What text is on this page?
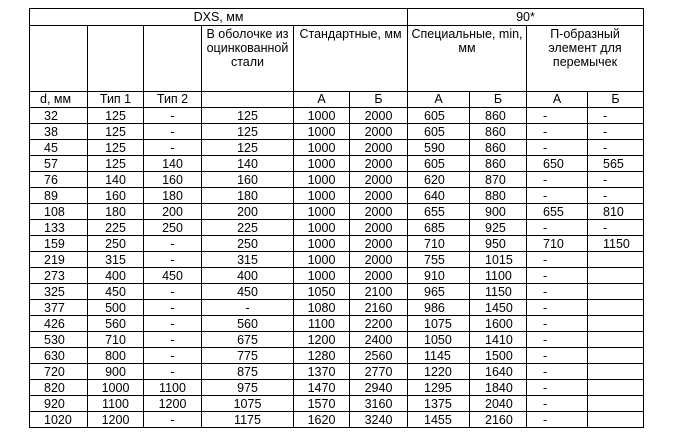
DXS, мм						90*			
			В оболочке из оцинкованной стали	Стандартные, мм		Специальные, min, мм		П-образный элемент для перемычек	
d, мм	Тип 1	Тип 2		А	Б	А	Б	А	Б
32	125	-	125	1000	2000	605	860	-	-
38	125	-	125	1000	2000	605	860	-	-
45	125	-	125	1000	2000	590	860	-	-
57	125	140	140	1000	2000	605	860	650	565
76	140	160	160	1000	2000	620	870	-	-
89	160	180	180	1000	2000	640	880	-	-
108	180	200	200	1000	2000	655	900	655	810
133	225	250	225	1000	2000	685	925	-	-
159	250	-	250	1000	2000	710	950	710	1150
219	315	-	315	1000	2000	755	1015	-	
273	400	450	400	1000	2000	910	1100	-	
325	450	-	450	1050	2100	965	1150	-	
377	500	-	-	1080	2160	986	1450	-	
426	560	-	560	1100	2200	1075	1600	-	
530	710	-	675	1200	2400	1050	1410	-	
630	800	-	775	1280	2560	1145	1500	-	
720	900	-	875	1370	2770	1220	1640	-	
820	1000	1100	975	1470	2940	1295	1840	-	
920	1100	1200	1075	1570	3160	1375	2040	-	
1020	1200	-	1175	1620	3240	1455	2160	-	
